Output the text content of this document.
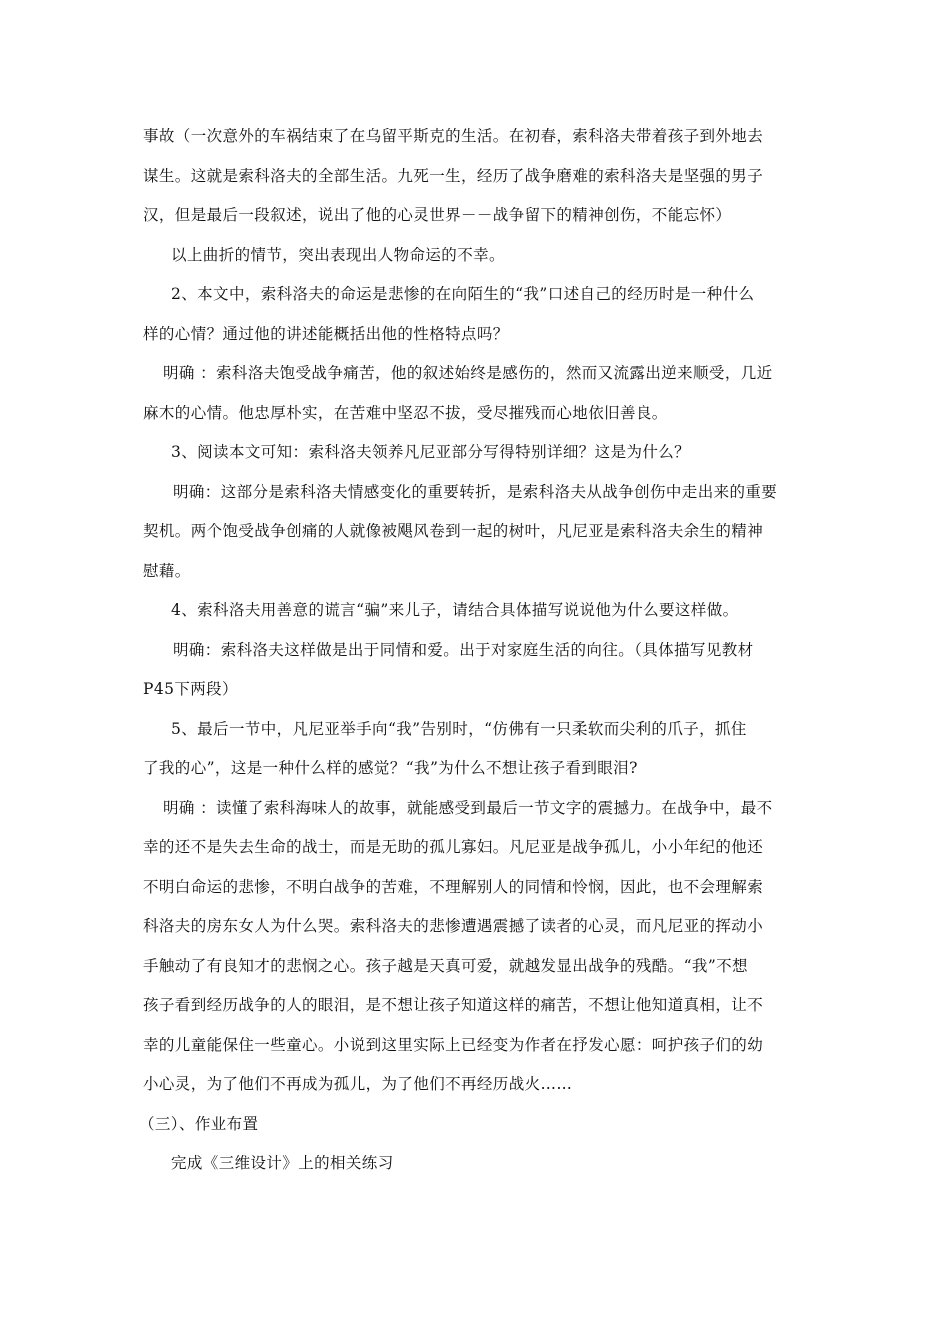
事故（一次意外的车祸结束了在乌留平斯克的生活。在初春，索科洛夫带着孩子到外地去
谋生。这就是索科洛夫的全部生活。九死一生，经历了战争磨难的索科洛夫是坚强的男子
汉，但是最后一段叙述，说出了他的心灵世界－－战争留下的精神创伤，不能忘怀）
以上曲折的情节，突出表现出人物命运的不幸。
2、本文中，索科洛夫的命运是悲惨的在向陌生的“我”口述自己的经历时是一种什么
样的心情？通过他的讲述能概括出他的性格特点吗？
明确 ：索科洛夫饱受战争痛苦，他的叙述始终是感伤的，然而又流露出逆来顺受，几近
麻木的心情。他忠厚朴实，在苦难中坚忍不拔，受尽摧残而心地依旧善良。
3、阅读本文可知：索科洛夫领养凡尼亚部分写得特别详细？这是为什么？
明确：这部分是索科洛夫情感变化的重要转折，是索科洛夫从战争创伤中走出来的重要
契机。两个饱受战争创痛的人就像被飓风卷到一起的树叶，凡尼亚是索科洛夫余生的精神
慰藉。
4、索科洛夫用善意的谎言“骗”来儿子，请结合具体描写说说他为什么要这样做。
明确：索科洛夫这样做是出于同情和爱。出于对家庭生活的向往。（具体描写见教材
P45下两段）
5、最后一节中，凡尼亚举手向“我”告别时，“仿佛有一只柔软而尖利的爪子，抓住
了我的心”，这是一种什么样的感觉？“我”为什么不想让孩子看到眼泪?
明确 ：读懂了索科海味人的故事，就能感受到最后一节文字的震撼力。在战争中，最不
幸的还不是失去生命的战士，而是无助的孤儿寡妇。凡尼亚是战争孤儿，小小年纪的他还
不明白命运的悲惨，不明白战争的苦难，不理解别人的同情和怜悯，因此，也不会理解索
科洛夫的房东女人为什么哭。索科洛夫的悲惨遭遇震撼了读者的心灵，而凡尼亚的挥动小
手触动了有良知才的悲悯之心。孩子越是天真可爱，就越发显出战争的残酷。“我”不想
孩子看到经历战争的人的眼泪，是不想让孩子知道这样的痛苦，不想让他知道真相，让不
幸的儿童能保住一些童心。小说到这里实际上已经变为作者在抒发心愿：呵护孩子们的幼
小心灵，为了他们不再成为孤儿，为了他们不再经历战火……
（三）、作业布置
完成《三维设计》上的相关练习
